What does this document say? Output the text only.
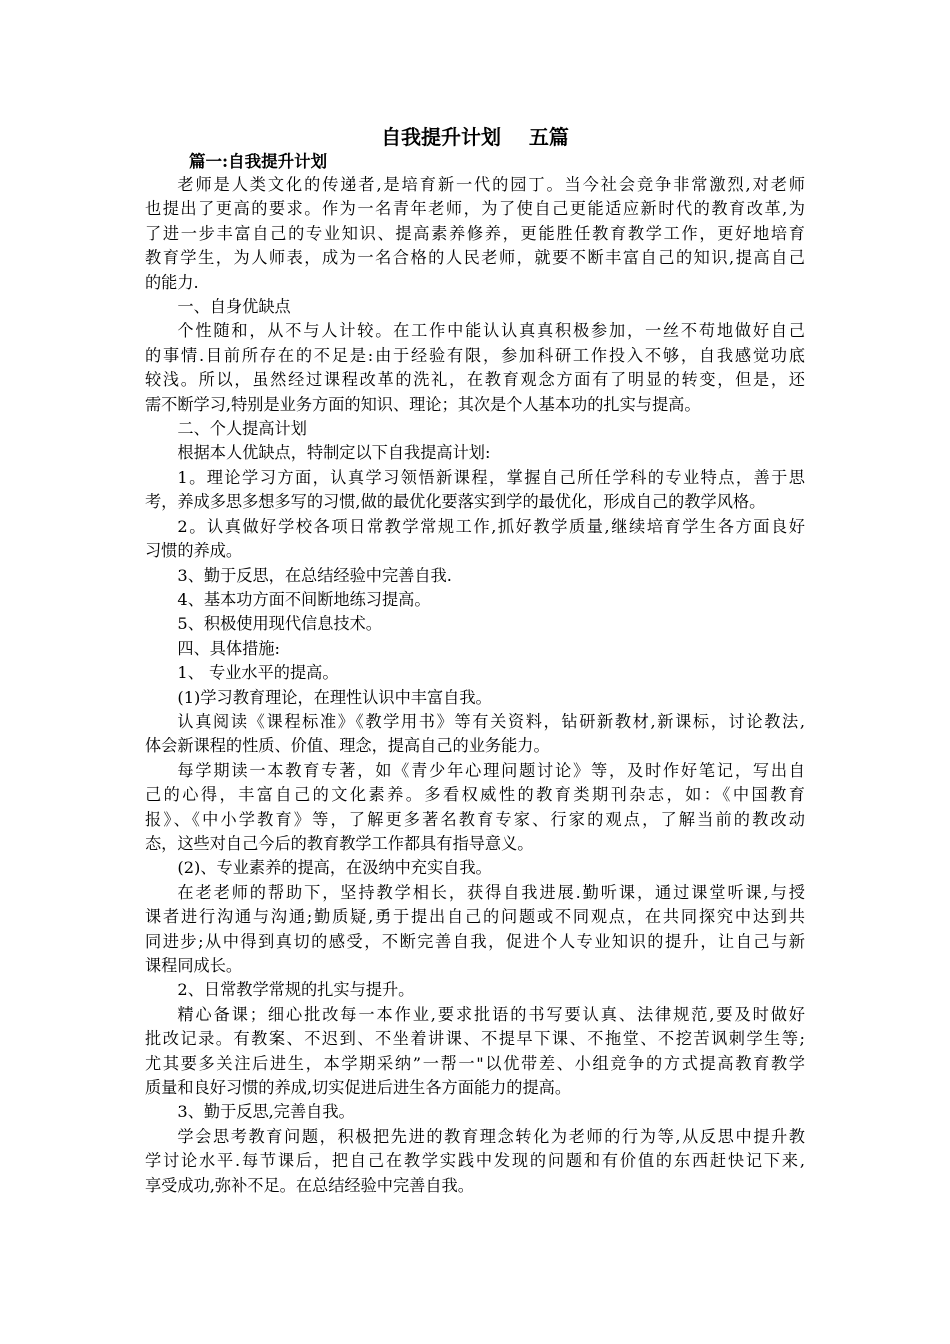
自我提升计划    五篇

篇一:自我提升计划

老师是人类文化的传递者,是培育新一代的园丁。当今社会竞争非常激烈,对老师
也提出了更高的要求。作为一名青年老师，为了使自己更能适应新时代的教育改革,为
了进一步丰富自己的专业知识、提高素养修养，更能胜任教育教学工作，更好地培育
教育学生，为人师表，成为一名合格的人民老师，就要不断丰富自己的知识,提高自己
的能力.

一、自身优缺点

个性随和，从不与人计较。在工作中能认认真真积极参加，一丝不苟地做好自己
的事情.目前所存在的不足是:由于经验有限，参加科研工作投入不够，自我感觉功底
较浅。所以，虽然经过课程改革的洗礼，在教育观念方面有了明显的转变，但是，还
需不断学习,特别是业务方面的知识、理论；其次是个人基本功的扎实与提高。

二、个人提高计划

根据本人优缺点，特制定以下自我提高计划:

1。理论学习方面，认真学习领悟新课程，掌握自己所任学科的专业特点，善于思
考，养成多思多想多写的习惯,做的最优化要落实到学的最优化，形成自己的教学风格。

2。认真做好学校各项日常教学常规工作,抓好教学质量,继续培育学生各方面良好
习惯的养成。

3、勤于反思，在总结经验中完善自我.

4、基本功方面不间断地练习提高。

5、积极使用现代信息技术。

四、具体措施:

1、 专业水平的提高。

(1)学习教育理论，在理性认识中丰富自我。

认真阅读《课程标准》《教学用书》等有关资料，钻研新教材,新课标，讨论教法,
体会新课程的性质、价值、理念，提高自己的业务能力。

每学期读一本教育专著，如《青少年心理问题讨论》等，及时作好笔记，写出自
己的心得，丰富自己的文化素养。多看权威性的教育类期刊杂志，如：《中国教育
报》、《中小学教育》等，了解更多著名教育专家、行家的观点，了解当前的教改动
态，这些对自己今后的教育教学工作都具有指导意义。

(2)、专业素养的提高，在汲纳中充实自我。

在老老师的帮助下，坚持教学相长，获得自我进展.勤听课，通过课堂听课,与授
课者进行沟通与沟通;勤质疑,勇于提出自己的问题或不同观点，在共同探究中达到共
同进步;从中得到真切的感受，不断完善自我，促进个人专业知识的提升，让自己与新
课程同成长。

2、日常教学常规的扎实与提升。

精心备课；细心批改每一本作业,要求批语的书写要认真、法律规范,要及时做好
批改记录。有教案、不迟到、不坐着讲课、不提早下课、不拖堂、不挖苦讽刺学生等;
尤其要多关注后进生，本学期采纳”一帮一"以优带差、小组竞争的方式提高教育教学
质量和良好习惯的养成,切实促进后进生各方面能力的提高。

3、勤于反思,完善自我。

学会思考教育问题，积极把先进的教育理念转化为老师的行为等,从反思中提升教
学讨论水平.每节课后，把自己在教学实践中发现的问题和有价值的东西赶快记下来,
享受成功,弥补不足。在总结经验中完善自我。
